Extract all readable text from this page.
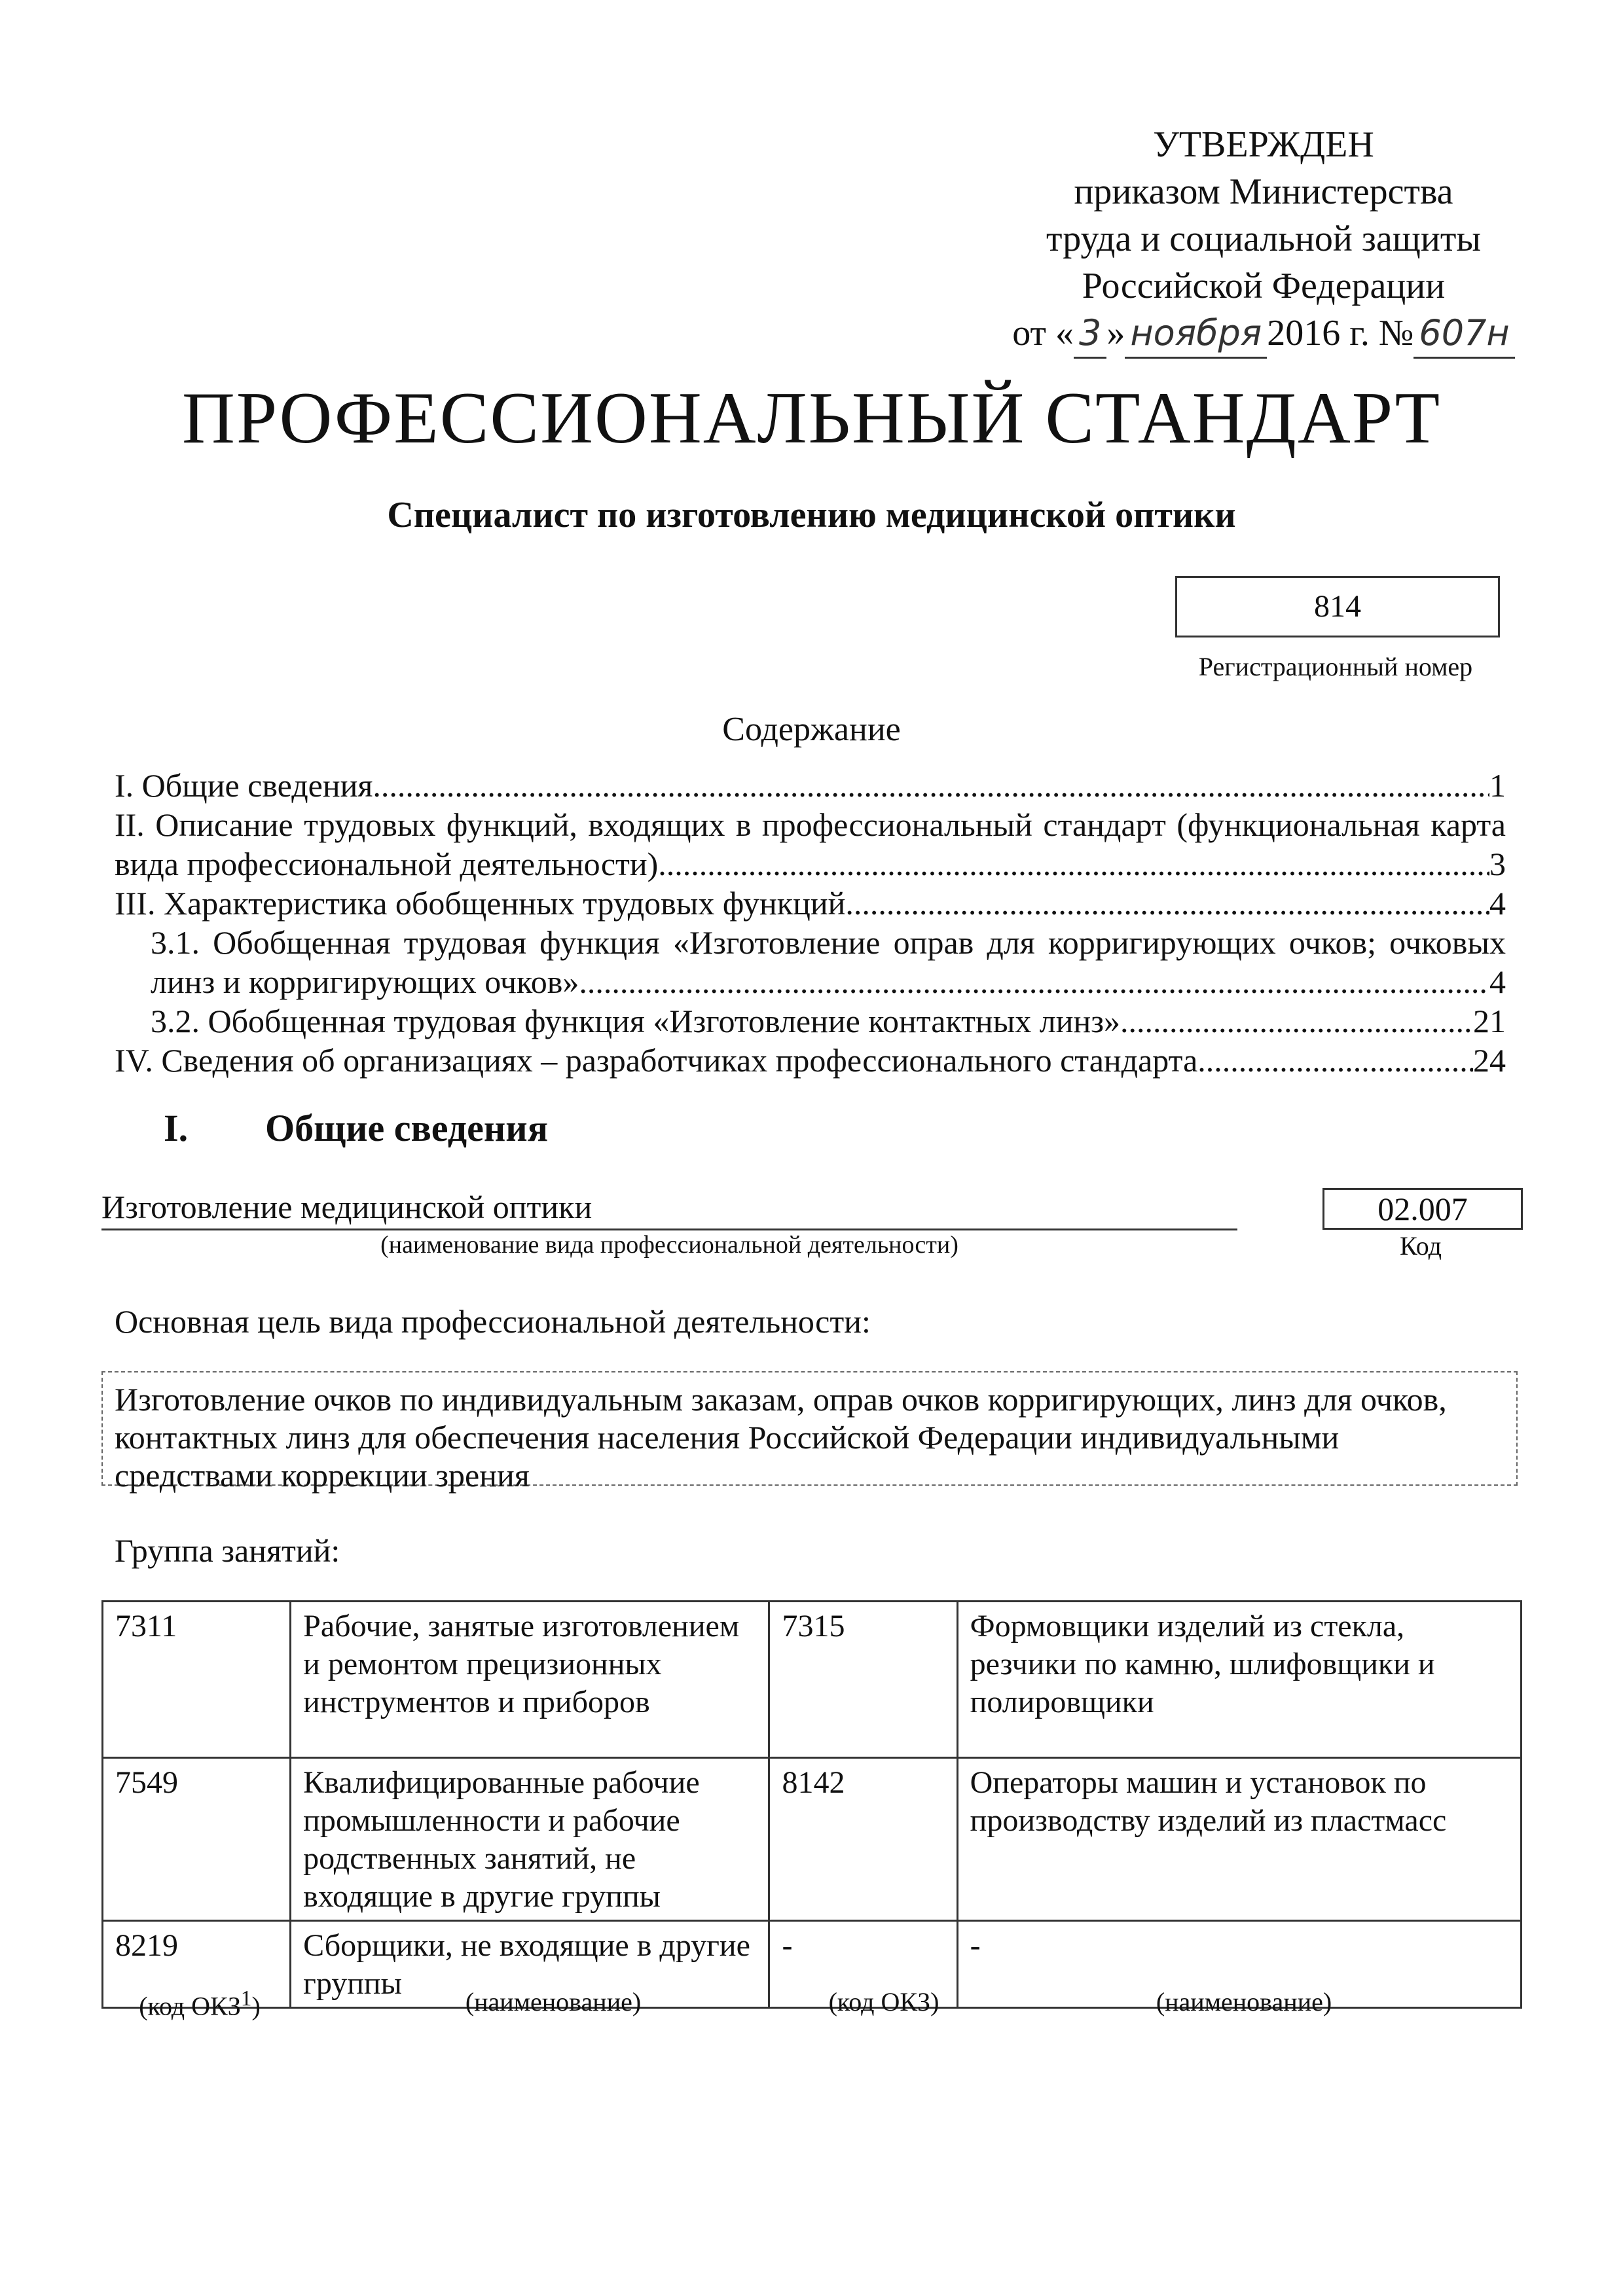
УТВЕРЖДЕН
приказом Министерства
труда и социальной защиты
Российской Федерации
от « 3 » ноября 2016 г. № 607н
ПРОФЕССИОНАЛЬНЫЙ СТАНДАРТ
Специалист по изготовлению медицинской оптики
814
Регистрационный номер
Содержание
I. Общие сведения .....	1
II. Описание трудовых функций, входящих в профессиональный стандарт (функциональная карта
вида профессиональной деятельности) .....	3
III. Характеристика обобщенных трудовых функций .....	4
3.1. Обобщенная трудовая функция «Изготовление оправ для корригирующих очков; очковых
линз и корригирующих очков» .....	4
3.2. Обобщенная трудовая функция «Изготовление контактных линз» .....	21
IV. Сведения об организациях – разработчиках профессионального стандарта .....	24
I. Общие сведения
Изготовление медицинской оптики
(наименование вида профессиональной деятельности)
02.007
Код
Основная цель вида профессиональной деятельности:
Изготовление очков по индивидуальным заказам, оправ очков корригирующих, линз для очков, контактных линз для обеспечения населения Российской Федерации индивидуальными средствами коррекции зрения
Группа занятий:
7311	Рабочие, занятые изготовлением и ремонтом прецизионных инструментов и приборов	7315	Формовщики изделий из стекла, резчики по камню, шлифовщики и полировщики
7549	Квалифицированные рабочие промышленности и рабочие родственных занятий, не входящие в другие группы	8142	Операторы машин и установок по производству изделий из пластмасс
8219	Сборщики, не входящие в другие группы	-	-
(код ОКЗ$^1$)	(наименование)	(код ОКЗ)	(наименование)
